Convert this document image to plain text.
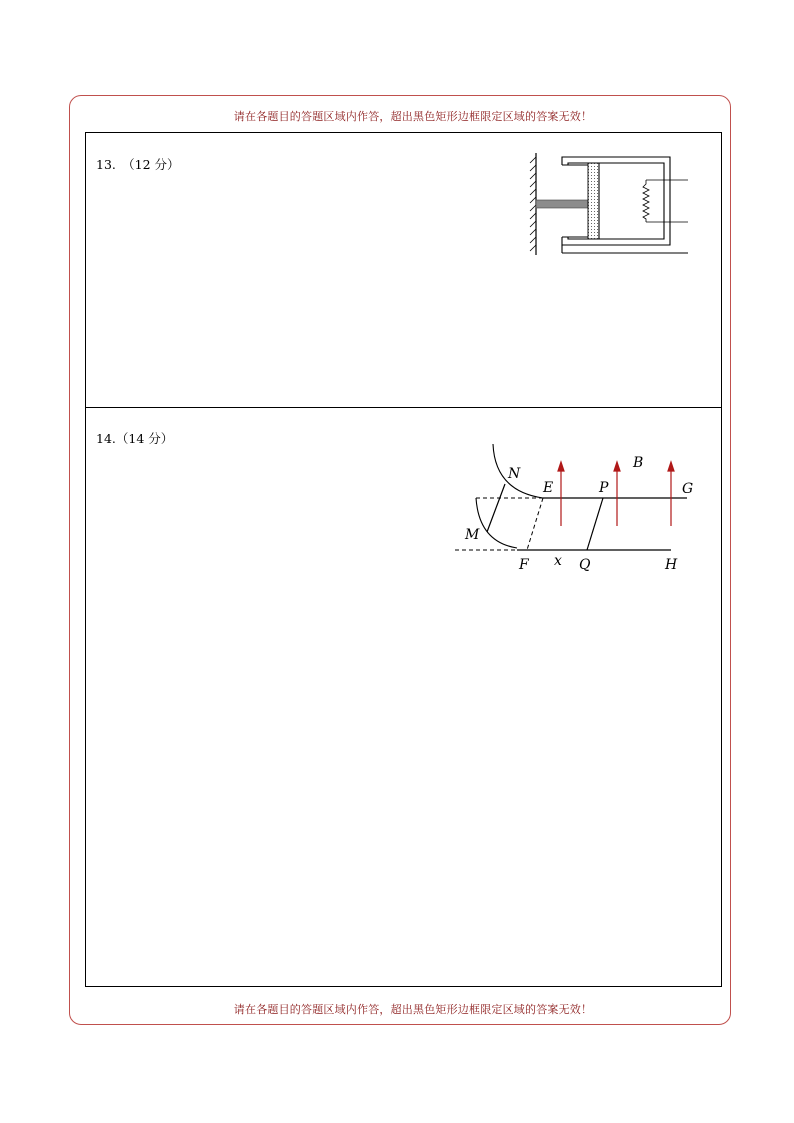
请在各题目的答题区域内作答，超出黑色矩形边框限定区域的答案无效！
13.　（12 分）
14.（14 分）
N
E	P
B
G
M
F x Q	H
请在各题目的答题区域内作答，超出黑色矩形边框限定区域的答案无效！
